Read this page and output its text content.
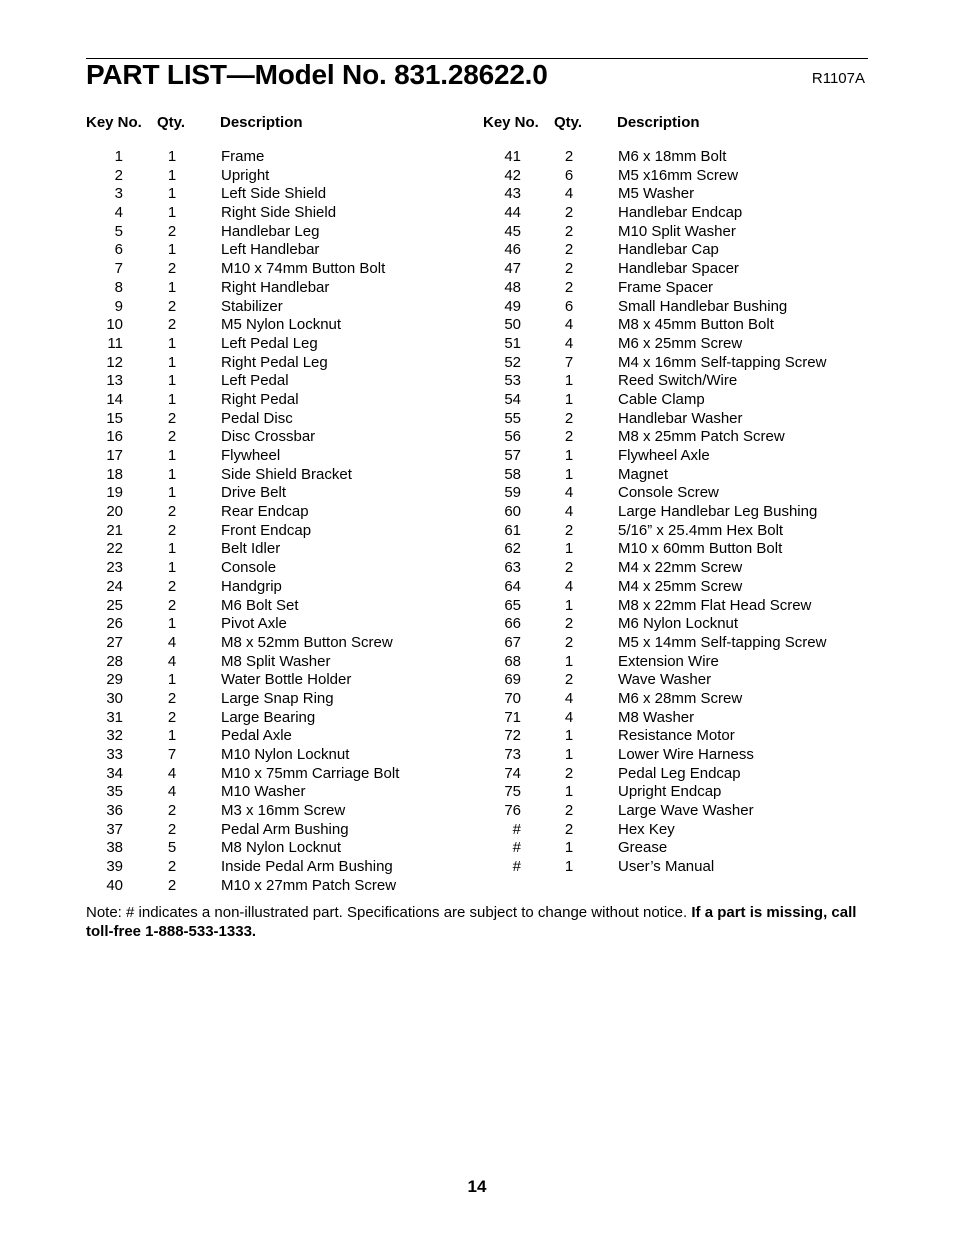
PART LIST—Model No. 831.28622.0	R1107A
Key No. Qty. Description	Key No. Qty. Description
1	1	Frame
2	1	Upright
3	1	Left Side Shield
4	1	Right Side Shield
5	2	Handlebar Leg
6	1	Left Handlebar
7	2	M10 x 74mm Button Bolt
8	1	Right Handlebar
9	2	Stabilizer
10	2	M5 Nylon Locknut
11	1	Left Pedal Leg
12	1	Right Pedal Leg
13	1	Left Pedal
14	1	Right Pedal
15	2	Pedal Disc
16	2	Disc Crossbar
17	1	Flywheel
18	1	Side Shield Bracket
19	1	Drive Belt
20	2	Rear Endcap
21	2	Front Endcap
22	1	Belt Idler
23	1	Console
24	2	Handgrip
25	2	M6 Bolt Set
26	1	Pivot Axle
27	4	M8 x 52mm Button Screw
28	4	M8 Split Washer
29	1	Water Bottle Holder
30	2	Large Snap Ring
31	2	Large Bearing
32	1	Pedal Axle
33	7	M10 Nylon Locknut
34	4	M10 x 75mm Carriage Bolt
35	4	M10 Washer
36	2	M3 x 16mm Screw
37	2	Pedal Arm Bushing
38	5	M8 Nylon Locknut
39	2	Inside Pedal Arm Bushing
40	2	M10 x 27mm Patch Screw
41	2	M6 x 18mm Bolt
42	6	M5 x16mm Screw
43	4	M5 Washer
44	2	Handlebar Endcap
45	2	M10 Split Washer
46	2	Handlebar Cap
47	2	Handlebar Spacer
48	2	Frame Spacer
49	6	Small Handlebar Bushing
50	4	M8 x 45mm Button Bolt
51	4	M6 x 25mm Screw
52	7	M4 x 16mm Self-tapping Screw
53	1	Reed Switch/Wire
54	1	Cable Clamp
55	2	Handlebar Washer
56	2	M8 x 25mm Patch Screw
57	1	Flywheel Axle
58	1	Magnet
59	4	Console Screw
60	4	Large Handlebar Leg Bushing
61	2	5/16” x 25.4mm Hex Bolt
62	1	M10 x 60mm Button Bolt
63	2	M4 x 22mm Screw
64	4	M4 x 25mm Screw
65	1	M8 x 22mm Flat Head Screw
66	2	M6 Nylon Locknut
67	2	M5 x 14mm Self-tapping Screw
68	1	Extension Wire
69	2	Wave Washer
70	4	M6 x 28mm Screw
71	4	M8 Washer
72	1	Resistance Motor
73	1	Lower Wire Harness
74	2	Pedal Leg Endcap
75	1	Upright Endcap
76	2	Large Wave Washer
#	2	Hex Key
#	1	Grease
#	1	User’s Manual
Note: # indicates a non-illustrated part. Specifications are subject to change without notice. If a part is missing, call toll-free 1-888-533-1333.
14
